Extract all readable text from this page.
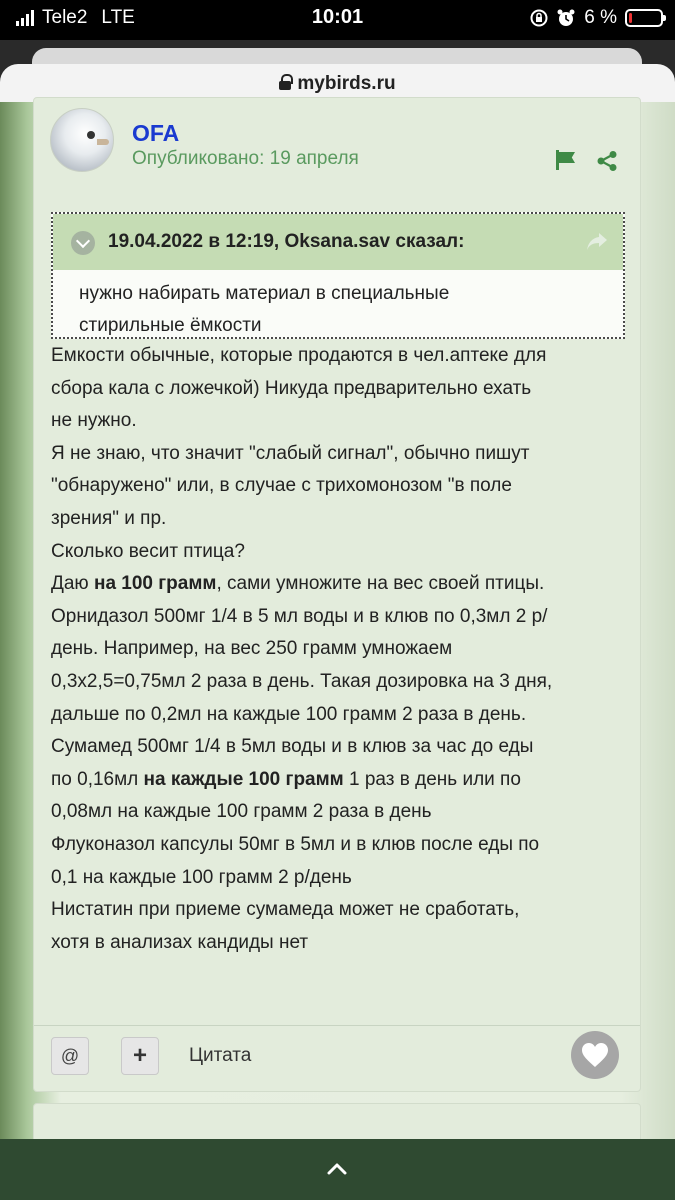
Tele2 LTE	10:01	6 %
mybirds.ru
OFA
Опубликовано: 19 апреля
19.04.2022 в 12:19, Oksana.sav сказал:
нужно набирать материал в специальные
стирильные ёмкости
Емкости обычные, которые продаются в чел.аптеке для
сбора кала с ложечкой) Никуда предварительно ехать
не нужно.
Я не знаю, что значит "слабый сигнал", обычно пишут
"обнаружено" или, в случае с трихомонозом "в поле
зрения" и пр.
Сколько весит птица?
Даю на 100 грамм, сами умножите на вес своей птицы.
Орнидазол 500мг 1/4 в 5 мл воды и в клюв по 0,3мл 2 р/
день. Например, на вес 250 грамм умножаем
0,3х2,5=0,75мл 2 раза в день. Такая дозировка на 3 дня,
дальше по 0,2мл на каждые 100 грамм 2 раза в день.
Сумамед 500мг 1/4 в 5мл воды и в клюв за час до еды
по 0,16мл на каждые 100 грамм 1 раз в день или по
0,08мл на каждые 100 грамм 2 раза в день
Флуконазол капсулы 50мг в 5мл и в клюв после еды по
0,1 на каждые 100 грамм 2 р/день
Нистатин при приеме сумамеда может не сработать,
хотя в анализах кандиды нет
@	+	Цитата
